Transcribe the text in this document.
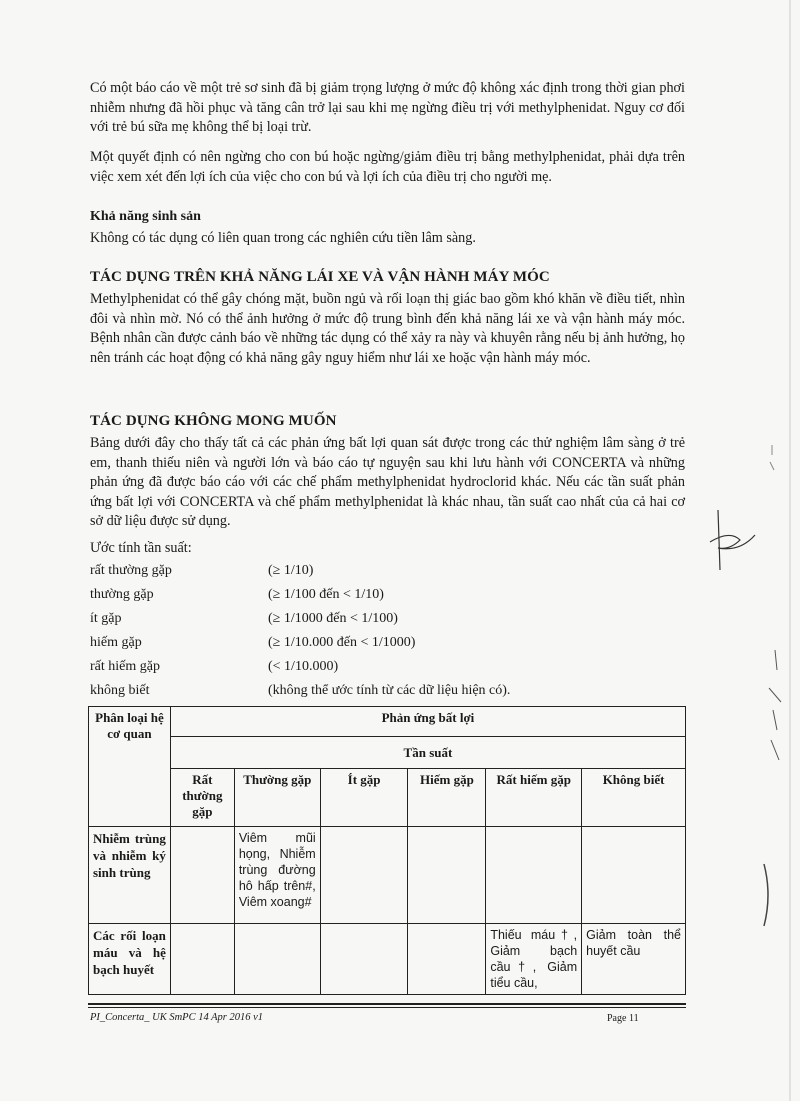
Có một báo cáo về một trẻ sơ sinh đã bị giảm trọng lượng ở mức độ không xác định trong thời gian phơi nhiễm nhưng đã hồi phục và tăng cân trở lại sau khi mẹ ngừng điều trị với methylphenidat. Nguy cơ đối với trẻ bú sữa mẹ không thể bị loại trừ.

Một quyết định có nên ngừng cho con bú hoặc ngừng/giảm điều trị bằng methylphenidat, phải dựa trên việc xem xét đến lợi ích của việc cho con bú và lợi ích của điều trị cho người mẹ.

Khả năng sinh sản

Không có tác dụng có liên quan trong các nghiên cứu tiền lâm sàng.

TÁC DỤNG TRÊN KHẢ NĂNG LÁI XE VÀ VẬN HÀNH MÁY MÓC

Methylphenidat có thể gây chóng mặt, buồn ngủ và rối loạn thị giác bao gồm khó khăn về điều tiết, nhìn đôi và nhìn mờ. Nó có thể ảnh hưởng ở mức độ trung bình đến khả năng lái xe và vận hành máy móc. Bệnh nhân cần được cảnh báo về những tác dụng có thể xảy ra này và khuyên rằng nếu bị ảnh hưởng, họ nên tránh các hoạt động có khả năng gây nguy hiểm như lái xe hoặc vận hành máy móc.

TÁC DỤNG KHÔNG MONG MUỐN

Bảng dưới đây cho thấy tất cả các phản ứng bất lợi quan sát được trong các thử nghiệm lâm sàng ở trẻ em, thanh thiếu niên và người lớn và báo cáo tự nguyện sau khi lưu hành với CONCERTA và những phản ứng đã được báo cáo với các chế phẩm methylphenidat hydroclorid khác. Nếu các tần suất phản ứng bất lợi với CONCERTA và chế phẩm methylphenidat là khác nhau, tần suất cao nhất của cả hai cơ sở dữ liệu được sử dụng.

Ước tính tần suất:

rất thường gặp	(≥ 1/10)
thường gặp	(≥ 1/100 đến < 1/10)
ít gặp	(≥ 1/1000 đến < 1/100)
hiếm gặp	(≥ 1/10.000 đến < 1/1000)
rất hiếm gặp	(< 1/10.000)
không biết	(không thể ước tính từ các dữ liệu hiện có).
Phân loại hệ cơ quan	Phản ứng bất lợi					
	Tần suất					
	Rất thường gặp	Thường gặp	Ít gặp	Hiếm gặp	Rất hiếm gặp	Không biết
Nhiễm trùng và nhiễm ký sinh trùng		Viêm mũi họng, Nhiễm trùng đường hô hấp trên#, Viêm xoang#				
Các rối loạn máu và hệ bạch huyết					Thiếu máu†, Giảm bạch cầu†, Giảm tiểu cầu,	Giảm toàn thể huyết cầu
PI_Concerta_ UK SmPC 14 Apr 2016 v1	Page 11
